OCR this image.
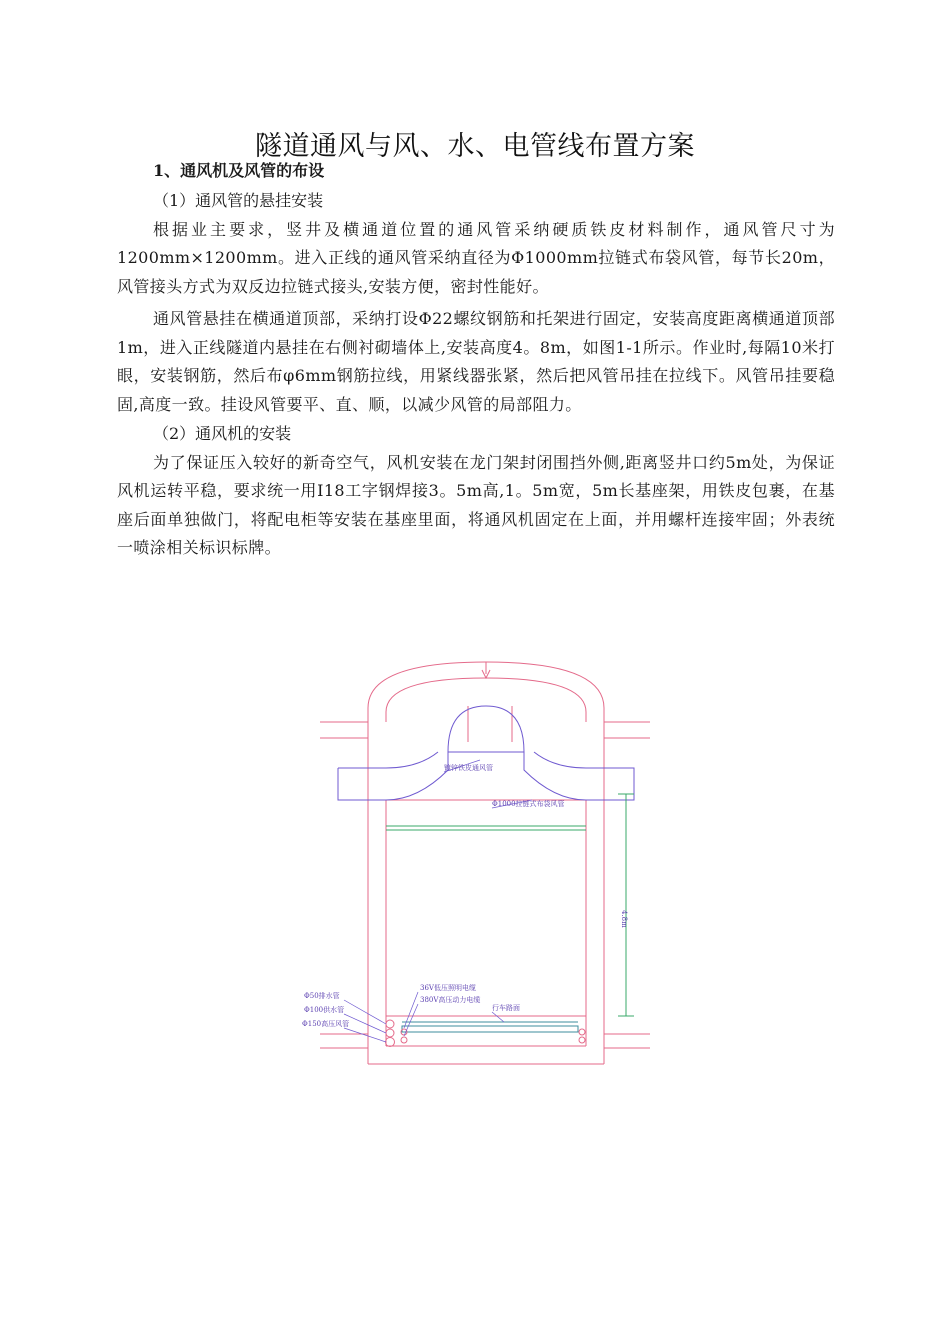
隧道通风与风、水、电管线布置方案

1、通风机及风管的布设

（1）通风管的悬挂安装

根据业主要求，竖井及横通道位置的通风管采纳硬质铁皮材料制作，通风管尺寸为1200mm×1200mm。进入正线的通风管采纳直径为Φ1000mm拉链式布袋风管，每节长20m，风管接头方式为双反边拉链式接头,安装方便，密封性能好。

通风管悬挂在横通道顶部，采纳打设Φ22螺纹钢筋和托架进行固定，安装高度距离横通道顶部1m，进入正线隧道内悬挂在右侧衬砌墙体上,安装高度4。8m，如图1-1所示。作业时,每隔10米打眼，安装钢筋，然后布φ6mm钢筋拉线，用紧线器张紧，然后把风管吊挂在拉线下。风管吊挂要稳固,高度一致。挂设风管要平、直、顺，以减少风管的局部阻力。

（2）通风机的安装

为了保证压入较好的新奇空气，风机安装在龙门架封闭围挡外侧,距离竖井口约5m处，为保证风机运转平稳，要求统一用I18工字钢焊接3。5m高,1。5m宽，5m长基座架，用铁皮包裹，在基座后面单独做门，将配电柜等安装在基座里面，将通风机固定在上面，并用螺杆连接牢固；外表统一喷涂相关标识标牌。

镀锌铁皮通风管
Φ1000拉链式布袋风管
4.8m
Φ50排水管
Φ100供水管
Φ150高压风管
36V低压照明电缆
380V高压动力电缆
行车路面
